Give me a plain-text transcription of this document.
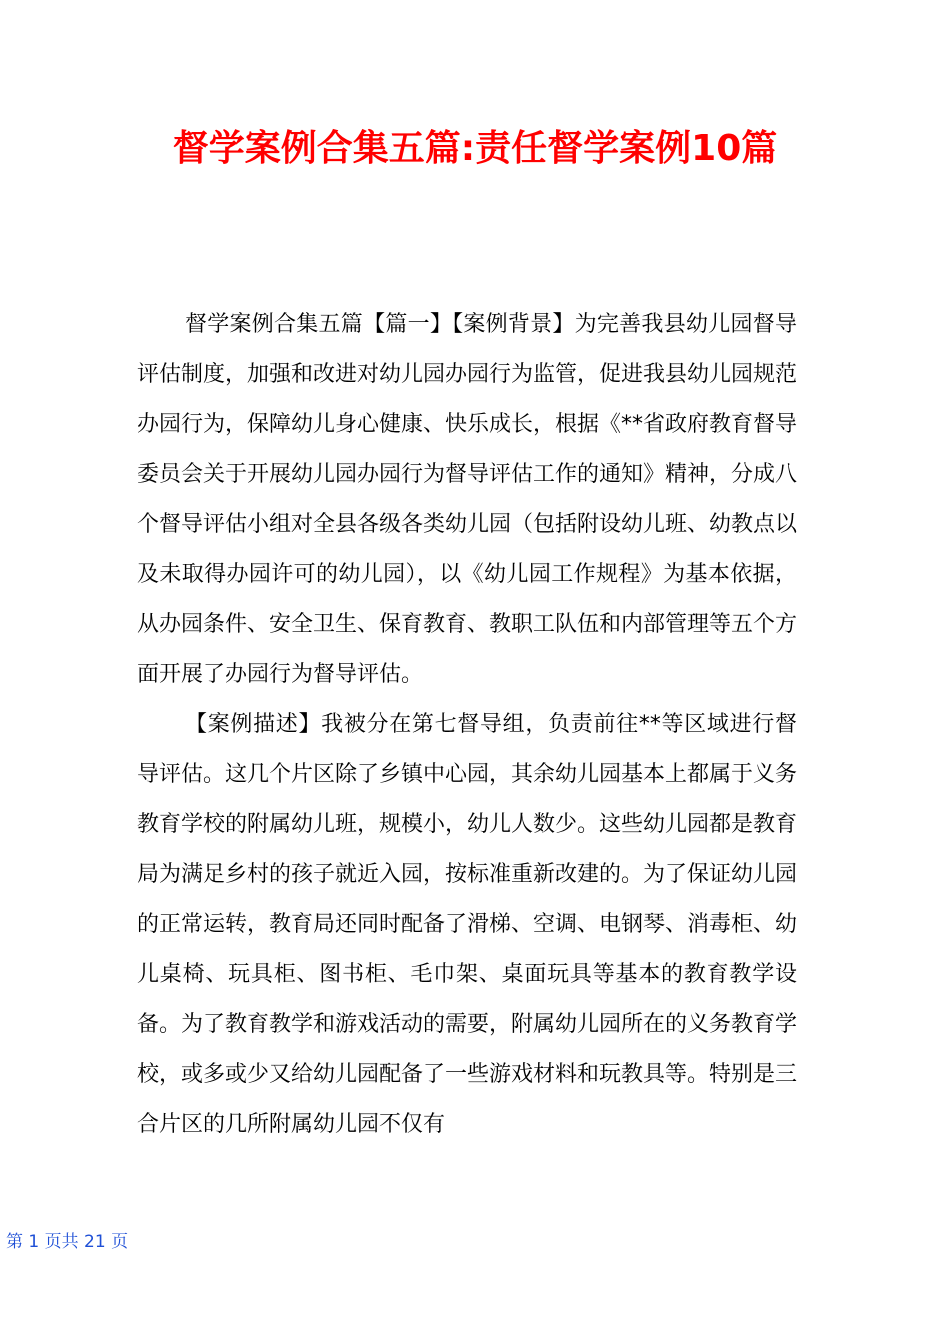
督学案例合集五篇:责任督学案例10篇

督学案例合集五篇【篇一】【案例背景】为完善我县幼儿园督导评估制度，加强和改进对幼儿园办园行为监管，促进我县幼儿园规范办园行为，保障幼儿身心健康、快乐成长，根据《**省政府教育督导委员会关于开展幼儿园办园行为督导评估工作的通知》精神，分成八个督导评估小组对全县各级各类幼儿园（包括附设幼儿班、幼教点以及未取得办园许可的幼儿园），以《幼儿园工作规程》为基本依据，从办园条件、安全卫生、保育教育、教职工队伍和内部管理等五个方面开展了办园行为督导评估。

【案例描述】我被分在第七督导组，负责前往**等区域进行督导评估。这几个片区除了乡镇中心园，其余幼儿园基本上都属于义务教育学校的附属幼儿班，规模小，幼儿人数少。这些幼儿园都是教育局为满足乡村的孩子就近入园，按标准重新改建的。为了保证幼儿园的正常运转，教育局还同时配备了滑梯、空调、电钢琴、消毒柜、幼儿桌椅、玩具柜、图书柜、毛巾架、桌面玩具等基本的教育教学设备。为了教育教学和游戏活动的需要，附属幼儿园所在的义务教育学校，或多或少又给幼儿园配备了一些游戏材料和玩教具等。特别是三合片区的几所附属幼儿园不仅有

第 1 页共 21 页
